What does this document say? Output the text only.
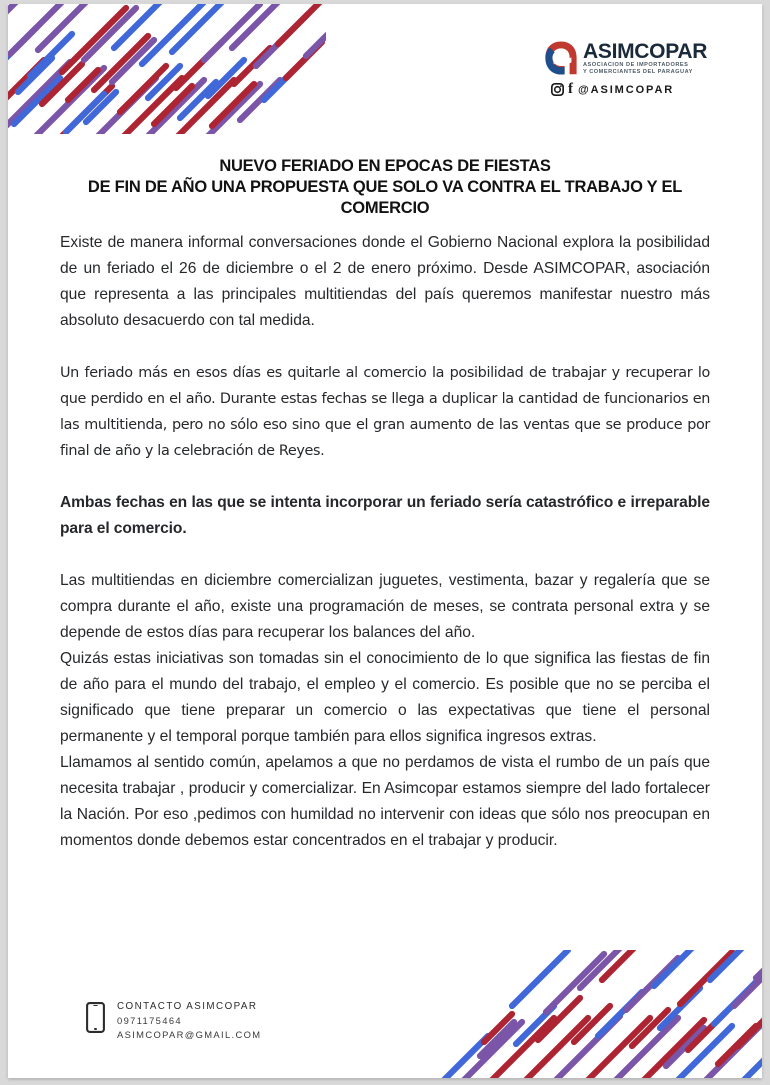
ASIMCOPAR
ASOCIACION DE IMPORTADORES
Y COMERCIANTES DEL PARAGUAY
f @ASIMCOPAR
NUEVO FERIADO EN EPOCAS DE FIESTAS
DE FIN DE AÑO UNA PROPUESTA QUE SOLO VA CONTRA EL TRABAJO Y EL
COMERCIO

Existe de manera informal conversaciones donde el Gobierno Nacional explora la posibilidad de un feriado el 26 de diciembre o el 2 de enero próximo. Desde ASIMCOPAR, asociación que representa a las principales multitiendas del país queremos manifestar nuestro más absoluto desacuerdo con tal medida.

Un feriado más en esos días es quitarle al comercio la posibilidad de trabajar y recuperar lo que perdido en el año. Durante estas fechas se llega a duplicar la cantidad de funcionarios en las multitienda, pero no sólo eso sino que el gran aumento de las ventas que se produce por final de año y la celebración de Reyes.

Ambas fechas en las que se intenta incorporar un feriado sería catastrófico e irreparable para el comercio.

Las multitiendas en diciembre comercializan juguetes, vestimenta, bazar y regalería que se compra durante el año, existe una programación de meses, se contrata personal extra y se depende de estos días para recuperar los balances del año.

Quizás estas iniciativas son tomadas sin el conocimiento de lo que significa las fiestas de fin de año para el mundo del trabajo, el empleo y el comercio. Es posible que no se perciba el significado que tiene preparar un comercio o las expectativas que tiene el personal permanente y el temporal porque también para ellos significa ingresos extras.

Llamamos al sentido común, apelamos a que no perdamos de vista el rumbo de un país que necesita trabajar , producir y comercializar. En Asimcopar estamos siempre del lado fortalecer la Nación. Por eso ,pedimos con humildad no intervenir con ideas que sólo nos preocupan en momentos donde debemos estar concentrados en el trabajar y producir.

CONTACTO ASIMCOPAR
0971175464
ASIMCOPAR@GMAIL.COM
